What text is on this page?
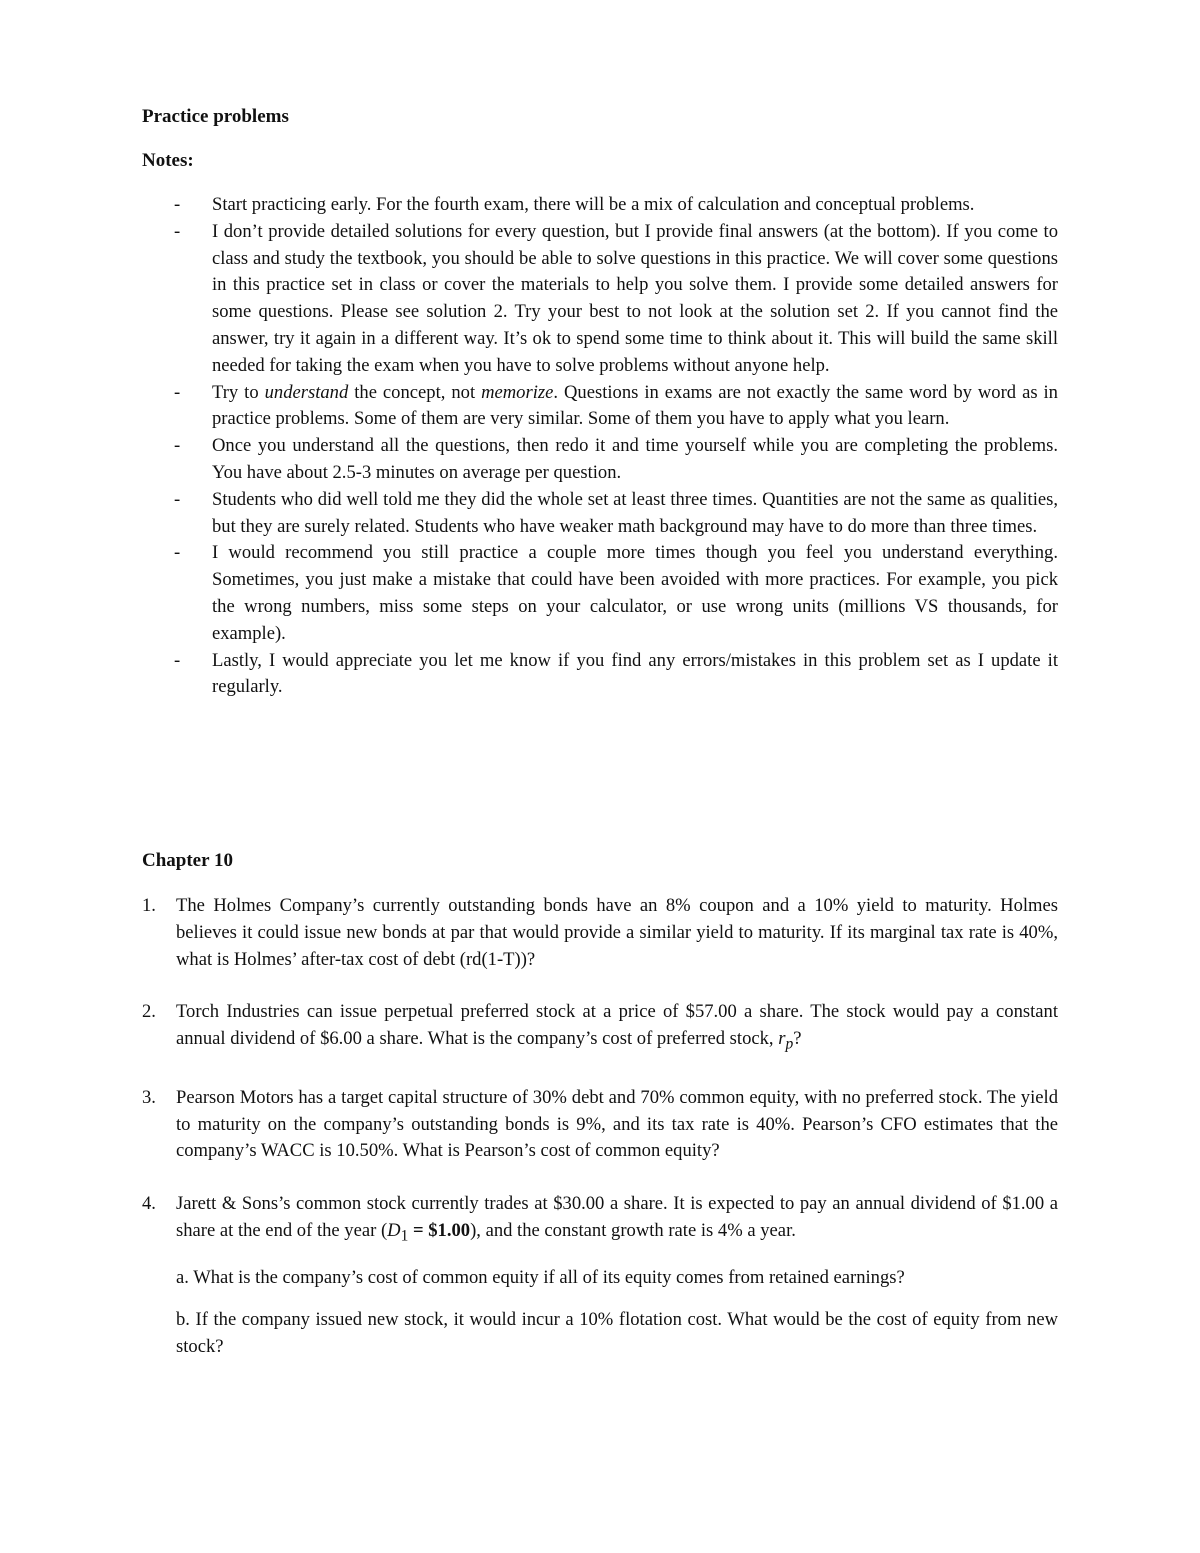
Practice problems
Notes:
- Start practicing early. For the fourth exam, there will be a mix of calculation and conceptual problems.
- I don’t provide detailed solutions for every question, but I provide final answers (at the bottom). If you come to class and study the textbook, you should be able to solve questions in this practice. We will cover some questions in this practice set in class or cover the materials to help you solve them. I provide some detailed answers for some questions. Please see solution 2. Try your best to not look at the solution set 2. If you cannot find the answer, try it again in a different way. It’s ok to spend some time to think about it. This will build the same skill needed for taking the exam when you have to solve problems without anyone help.
- Try to understand the concept, not memorize. Questions in exams are not exactly the same word by word as in practice problems. Some of them are very similar. Some of them you have to apply what you learn.
- Once you understand all the questions, then redo it and time yourself while you are completing the problems. You have about 2.5-3 minutes on average per question.
- Students who did well told me they did the whole set at least three times. Quantities are not the same as qualities, but they are surely related. Students who have weaker math background may have to do more than three times.
- I would recommend you still practice a couple more times though you feel you understand everything. Sometimes, you just make a mistake that could have been avoided with more practices. For example, you pick the wrong numbers, miss some steps on your calculator, or use wrong units (millions VS thousands, for example).
- Lastly, I would appreciate you let me know if you find any errors/mistakes in this problem set as I update it regularly.
Chapter 10
1. The Holmes Company’s currently outstanding bonds have an 8% coupon and a 10% yield to maturity. Holmes believes it could issue new bonds at par that would provide a similar yield to maturity. If its marginal tax rate is 40%, what is Holmes’ after-tax cost of debt (rd(1-T))?
2. Torch Industries can issue perpetual preferred stock at a price of $57.00 a share. The stock would pay a constant annual dividend of $6.00 a share. What is the company’s cost of preferred stock, $r_p$?
3. Pearson Motors has a target capital structure of 30% debt and 70% common equity, with no preferred stock. The yield to maturity on the company’s outstanding bonds is 9%, and its tax rate is 40%. Pearson’s CFO estimates that the company’s WACC is 10.50%. What is Pearson’s cost of common equity?
4. Jarett & Sons’s common stock currently trades at $30.00 a share. It is expected to pay an annual dividend of $1.00 a share at the end of the year ($D_1$ = $1.00), and the constant growth rate is 4% a year.

a. What is the company’s cost of common equity if all of its equity comes from retained earnings?

b. If the company issued new stock, it would incur a 10% flotation cost. What would be the cost of equity from new stock?
